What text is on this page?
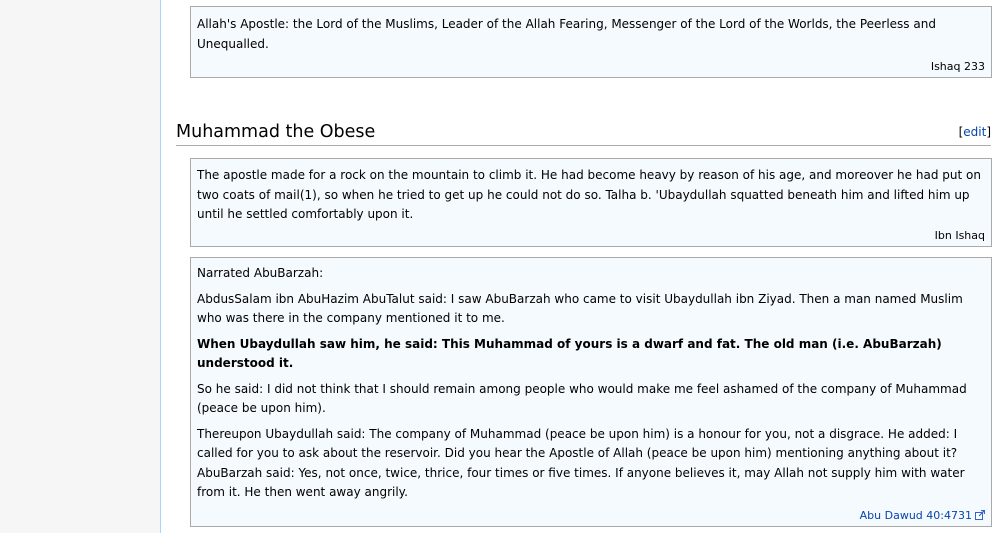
Allah's Apostle: the Lord of the Muslims, Leader of the Allah Fearing, Messenger of the Lord of the Worlds, the Peerless and Unequalled.

Ishaq 233
Muhammad the Obese	[edit]

The apostle made for a rock on the mountain to climb it. He had become heavy by reason of his age, and moreover he had put on two coats of mail(1), so when he tried to get up he could not do so. Talha b. 'Ubaydullah squatted beneath him and lifted him up until he settled comfortably upon it.

Ibn Ishaq

Narrated AbuBarzah:

AbdusSalam ibn AbuHazim AbuTalut said: I saw AbuBarzah who came to visit Ubaydullah ibn Ziyad. Then a man named Muslim who was there in the company mentioned it to me.

When Ubaydullah saw him, he said: This Muhammad of yours is a dwarf and fat. The old man (i.e. AbuBarzah) understood it.

So he said: I did not think that I should remain among people who would make me feel ashamed of the company of Muhammad (peace be upon him).

Thereupon Ubaydullah said: The company of Muhammad (peace be upon him) is a honour for you, not a disgrace. He added: I called for you to ask about the reservoir. Did you hear the Apostle of Allah (peace be upon him) mentioning anything about it? AbuBarzah said: Yes, not once, twice, thrice, four times or five times. If anyone believes it, may Allah not supply him with water from it. He then went away angrily.

Abu Dawud 40:4731
